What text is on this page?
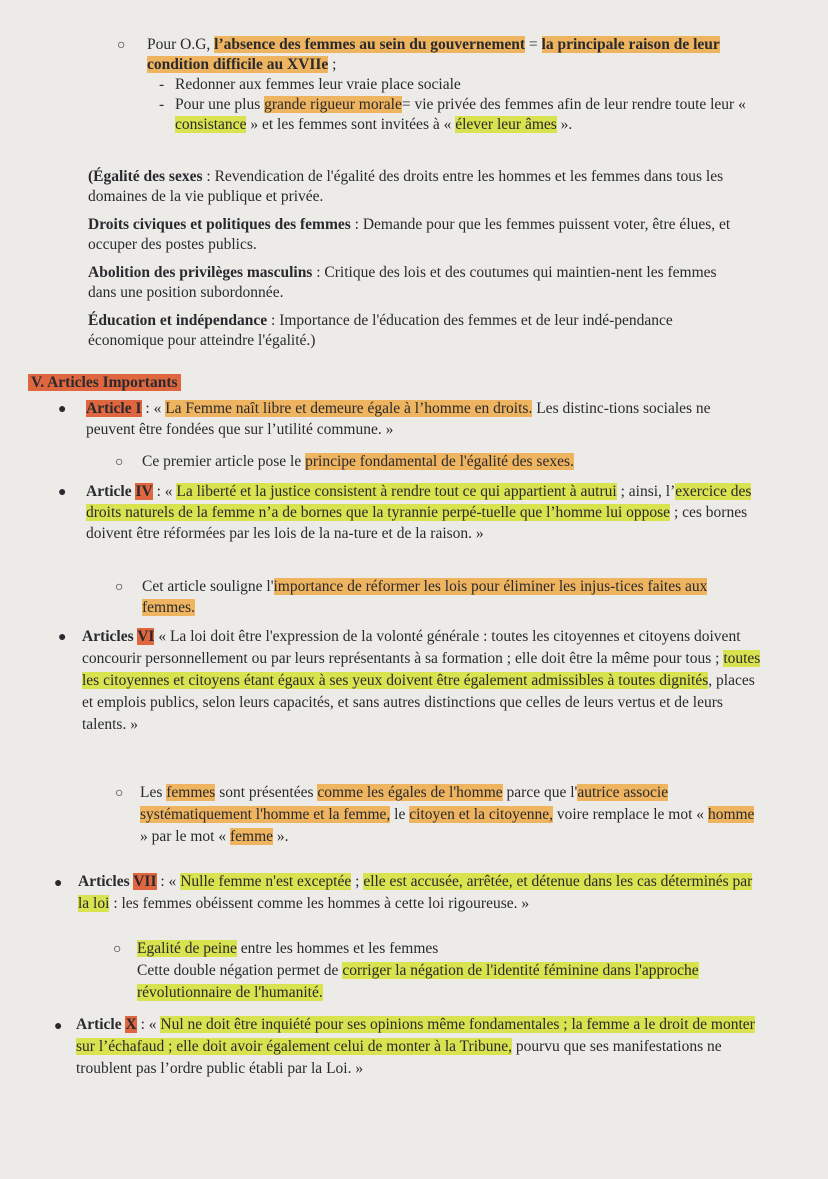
○ Pour O.G, l’absence des femmes au sein du gouvernement = la principale raison de leur condition difficile au XVIIe ;

- Redonner aux femmes leur vraie place sociale
- Pour une plus grande rigueur morale= vie privée des femmes afin de leur rendre toute leur « consistance » et les femmes sont invitées à « élever leur âmes ».

(Égalité des sexes : Revendication de l'égalité des droits entre les hommes et les femmes dans tous les domaines de la vie publique et privée.

Droits civiques et politiques des femmes : Demande pour que les femmes puissent voter, être élues, et occuper des postes publics.

Abolition des privilèges masculins : Critique des lois et des coutumes qui maintien-nent les femmes dans une position subordonnée.

Éducation et indépendance : Importance de l'éducation des femmes et de leur indé-pendance économique pour atteindre l'égalité.)

V. Articles Importants
● Article I : « La Femme naît libre et demeure égale à l’homme en droits. Les distinc-tions sociales ne peuvent être fondées que sur l’utilité commune. »

○ Ce premier article pose le principe fondamental de l'égalité des sexes.

● Article IV : « La liberté et la justice consistent à rendre tout ce qui appartient à autrui ; ainsi, l’exercice des droits naturels de la femme n’a de bornes que la tyrannie perpé-tuelle que l’homme lui oppose ; ces bornes doivent être réformées par les lois de la na-ture et de la raison. »

○ Cet article souligne l'importance de réformer les lois pour éliminer les injus-tices faites aux femmes.

● Articles VI « La loi doit être l'expression de la volonté générale : toutes les citoyennes et citoyens doivent concourir personnellement ou par leurs représentants à sa formation ; elle doit être la même pour tous ; toutes les citoyennes et citoyens étant égaux à ses yeux doivent être également admissibles à toutes dignités, places et emplois publics, selon leurs capacités, et sans autres distinctions que celles de leurs vertus et de leurs talents. »

○ Les femmes sont présentées comme les égales de l'homme parce que l'autrice associe systématiquement l'homme et la femme, le citoyen et la citoyenne, voire remplace le mot « homme » par le mot « femme ».

● Articles VII : « Nulle femme n'est exceptée ; elle est accusée, arrêtée, et détenue dans les cas déterminés par la loi : les femmes obéissent comme les hommes à cette loi rigoureuse. »

○ Egalité de peine entre les hommes et les femmes

Cette double négation permet de corriger la négation de l'identité féminine dans l'approche révolutionnaire de l'humanité.

● Article X : « Nul ne doit être inquiété pour ses opinions même fondamentales ; la femme a le droit de monter sur l’échafaud ; elle doit avoir également celui de monter à la Tribune, pourvu que ses manifestations ne troublent pas l’ordre public établi par la Loi. »
